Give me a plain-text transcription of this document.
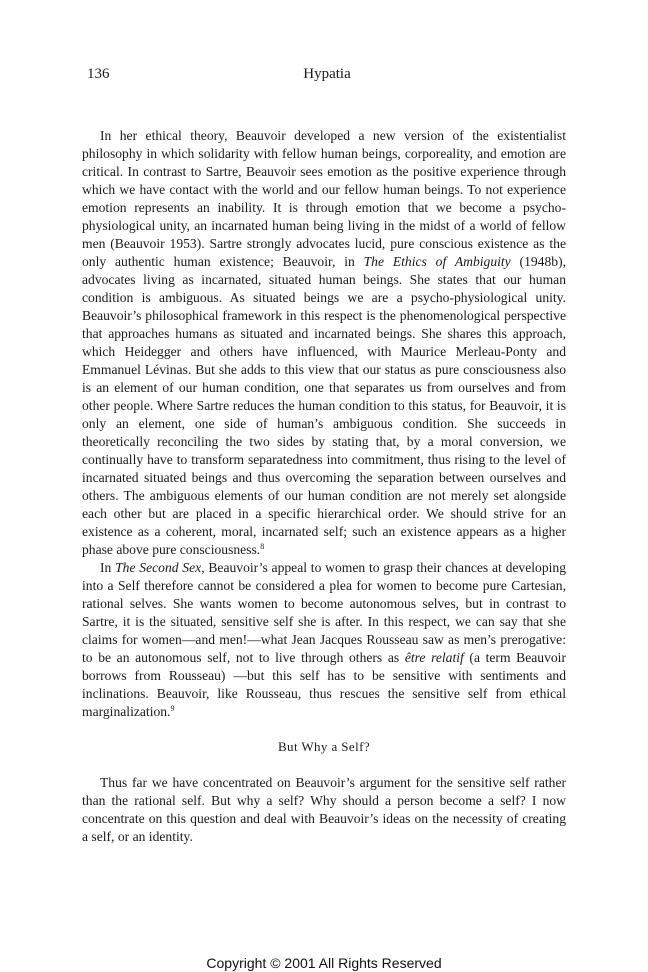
136	Hypatia

In her ethical theory, Beauvoir developed a new version of the existentialist philosophy in which solidarity with fellow human beings, corporeality, and emotion are critical. In contrast to Sartre, Beauvoir sees emotion as the positive experience through which we have contact with the world and our fellow human beings. To not experience emotion represents an inability. It is through emotion that we become a psycho-physiological unity, an incarnated human being living in the midst of a world of fellow men (Beauvoir 1953). Sartre strongly advocates lucid, pure conscious existence as the only authentic human existence; Beauvoir, in The Ethics of Ambiguity (1948b), advocates living as incarnated, situated human beings. She states that our human condition is ambiguous. As situated beings we are a psycho-physiological unity. Beauvoir’s philosophical framework in this respect is the phenomenological perspective that approaches humans as situated and incarnated beings. She shares this approach, which Heidegger and others have influenced, with Maurice Merleau-Ponty and Emmanuel Lévinas. But she adds to this view that our status as pure consciousness also is an element of our human condition, one that separates us from ourselves and from other people. Where Sartre reduces the human condition to this status, for Beauvoir, it is only an element, one side of human’s ambiguous condition. She succeeds in theoretically reconciling the two sides by stating that, by a moral conversion, we continually have to transform separatedness into commitment, thus rising to the level of incarnated situated beings and thus overcoming the separation between ourselves and others. The ambiguous elements of our human condition are not merely set alongside each other but are placed in a specific hierarchical order. We should strive for an existence as a coherent, moral, incarnated self; such an existence appears as a higher phase above pure consciousness.$^8$

In The Second Sex, Beauvoir’s appeal to women to grasp their chances at developing into a Self therefore cannot be considered a plea for women to become pure Cartesian, rational selves. She wants women to become autonomous selves, but in contrast to Sartre, it is the situated, sensitive self she is after. In this respect, we can say that she claims for women—and men!—what Jean Jacques Rousseau saw as men’s prerogative: to be an autonomous self, not to live through others as être relatif (a term Beauvoir borrows from Rousseau) —but this self has to be sensitive with sentiments and inclinations. Beauvoir, like Rousseau, thus rescues the sensitive self from ethical marginalization.$^9$

But Why a Self?

Thus far we have concentrated on Beauvoir’s argument for the sensitive self rather than the rational self. But why a self? Why should a person become a self? I now concentrate on this question and deal with Beauvoir’s ideas on the necessity of creating a self, or an identity.

Copyright © 2001 All Rights Reserved
